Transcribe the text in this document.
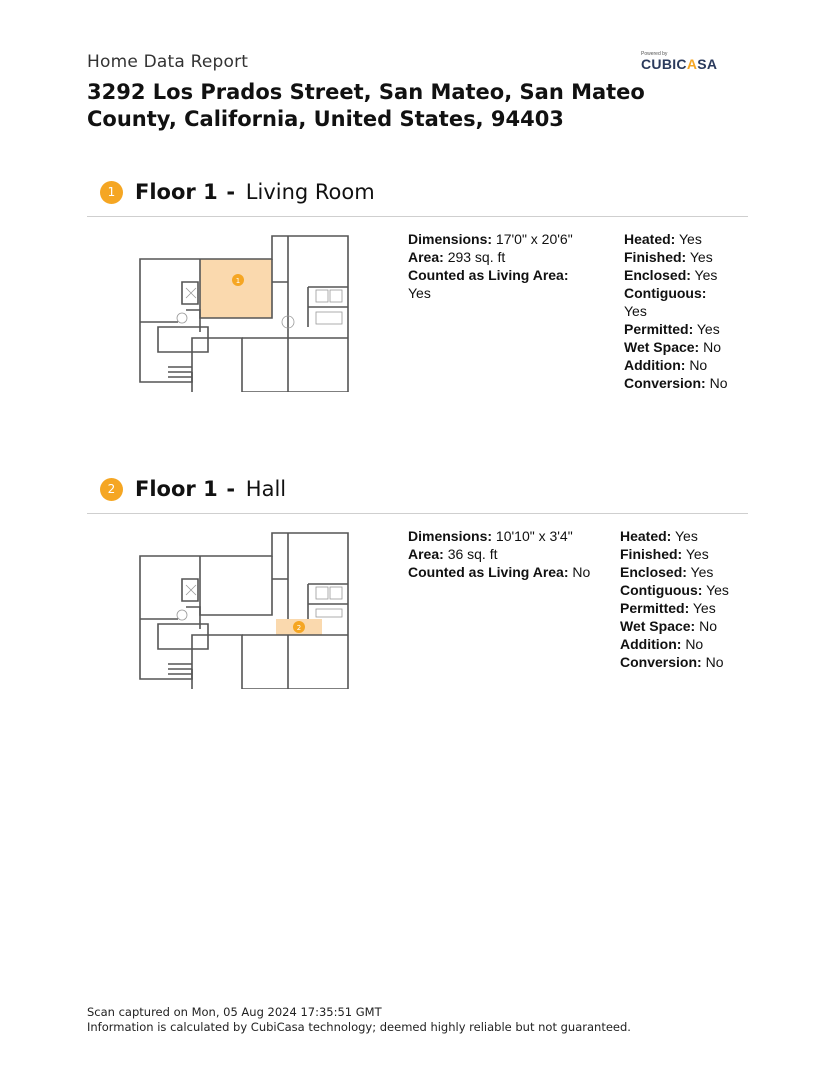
Home Data Report
3292 Los Prados Street, San Mateo, San Mateo County, California, United States, 94403
Powered by
CUBICASA
1 Floor 1 - Living Room
1
Dimensions: 17'0" x 20'6"
Area: 293 sq. ft
Counted as Living Area:
Yes
Heated: Yes
Finished: Yes
Enclosed: Yes
Contiguous:
Yes
Permitted: Yes
Wet Space: No
Addition: No
Conversion: No
2 Floor 1 - Hall
2
Dimensions: 10'10" x 3'4"
Area: 36 sq. ft
Counted as Living Area: No
Heated: Yes
Finished: Yes
Enclosed: Yes
Contiguous: Yes
Permitted: Yes
Wet Space: No
Addition: No
Conversion: No
Scan captured on Mon, 05 Aug 2024 17:35:51 GMT
Information is calculated by CubiCasa technology; deemed highly reliable but not guaranteed.
